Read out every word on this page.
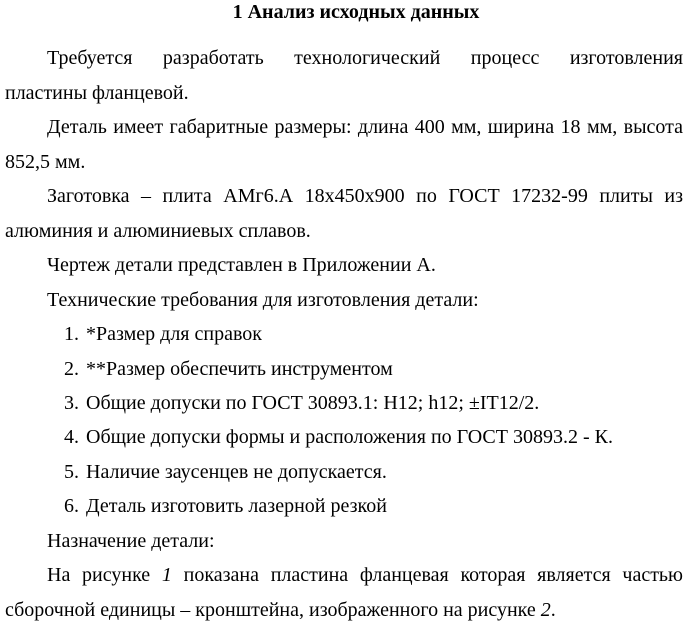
1 Анализ исходных данных

Требуется разработать технологический процесс изготовления

пластины фланцевой.

Деталь имеет габаритные размеры: длина 400 мм, ширина 18 мм, высота

852,5 мм.

Заготовка – плита АМг6.А 18х450х900 по ГОСТ 17232-99 плиты из

алюминия и алюминиевых сплавов.

Чертеж детали представлен в Приложении А.

Технические требования для изготовления детали:

1. *Размер для справок

2. **Размер обеспечить инструментом

3. Общие допуски по ГОСТ 30893.1: H12; h12; ±IT12/2.

4. Общие допуски формы и расположения по ГОСТ 30893.2 - К.

5. Наличие заусенцев не допускается.

6. Деталь изготовить лазерной резкой

Назначение детали:

На рисунке 1 показана пластина фланцевая которая является частью

сборочной единицы – кронштейна, изображенного на рисунке 2.
